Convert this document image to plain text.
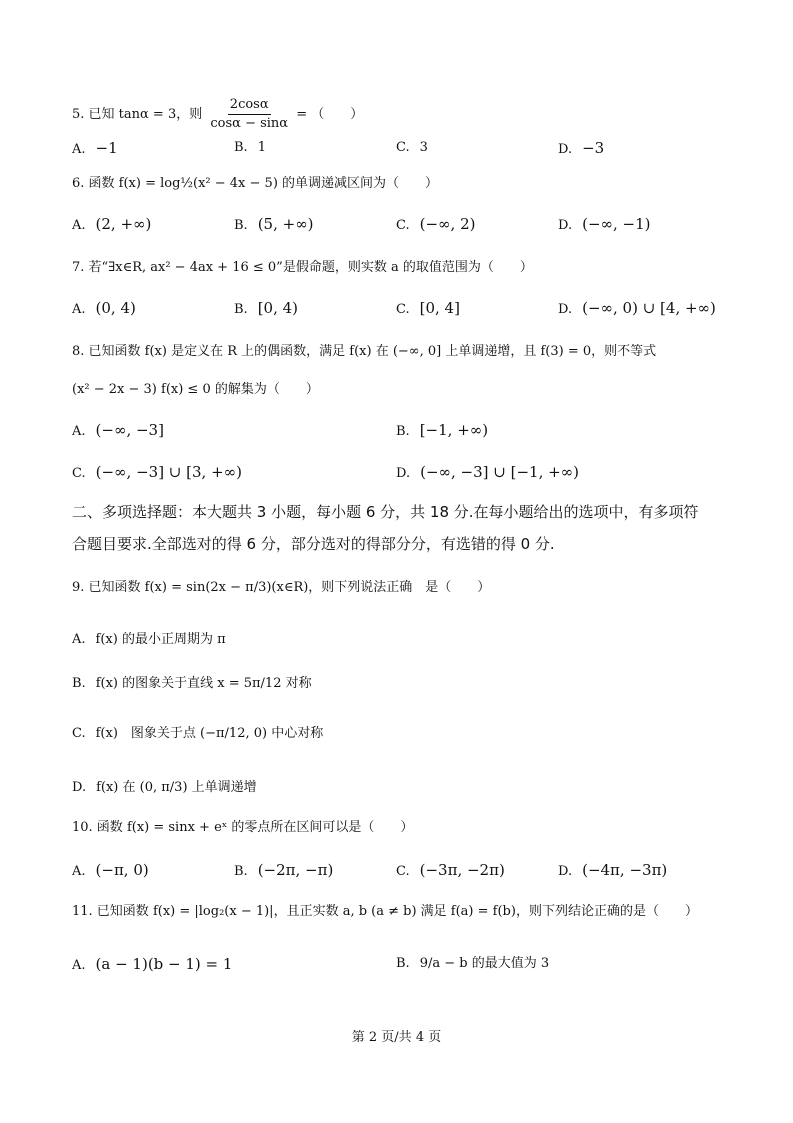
5. 已知 tanα = 3，则 $\frac{2\cos\alpha}{\cos\alpha - \sin\alpha}$ = （　　）
A. −1	B. 1	C. 3	D. −3
6. 函数 f(x) = log½(x² − 4x − 5) 的单调递减区间为（　　）
A. (2, +∞)	B. (5, +∞)	C. (−∞, 2)	D. (−∞, −1)
7. 若“∃x∈R, ax² − 4ax + 16 ≤ 0”是假命题，则实数 a 的取值范围为（　　）
A. (0, 4)	B. [0, 4)	C. [0, 4]	D. (−∞, 0) ∪ [4, +∞)
8. 已知函数 f(x) 是定义在 R 上的偶函数，满足 f(x) 在 (−∞, 0] 上单调递增，且 f(3) = 0，则不等式
(x² − 2x − 3) f(x) ≤ 0 的解集为（　　）
A. (−∞, −3]	B. [−1, +∞)
C. (−∞, −3] ∪ [3, +∞)	D. (−∞, −3] ∪ [−1, +∞)
二、多项选择题：本大题共 3 小题，每小题 6 分，共 18 分.在每小题给出的选项中，有多项符
合题目要求.全部选对的得 6 分，部分选对的得部分分，有选错的得 0 分.
9. 已知函数 f(x) = sin(2x − π/3)(x∈R)，则下列说法正确　是（　　）
A. f(x) 的最小正周期为 π
B. f(x) 的图象关于直线 x = 5π/12 对称
C. f(x)　图象关于点 (−π/12, 0) 中心对称
D. f(x) 在 (0, π/3) 上单调递增
10. 函数 f(x) = sinx + eˣ 的零点所在区间可以是（　　）
A. (−π, 0)	B. (−2π, −π)	C. (−3π, −2π)	D. (−4π, −3π)
11. 已知函数 f(x) = |log₂(x − 1)|，且正实数 a, b (a ≠ b) 满足 f(a) = f(b)，则下列结论正确的是（　　）
A. (a − 1)(b − 1) = 1	B. 9/a − b 的最大值为 3
第 2 页/共 4 页
